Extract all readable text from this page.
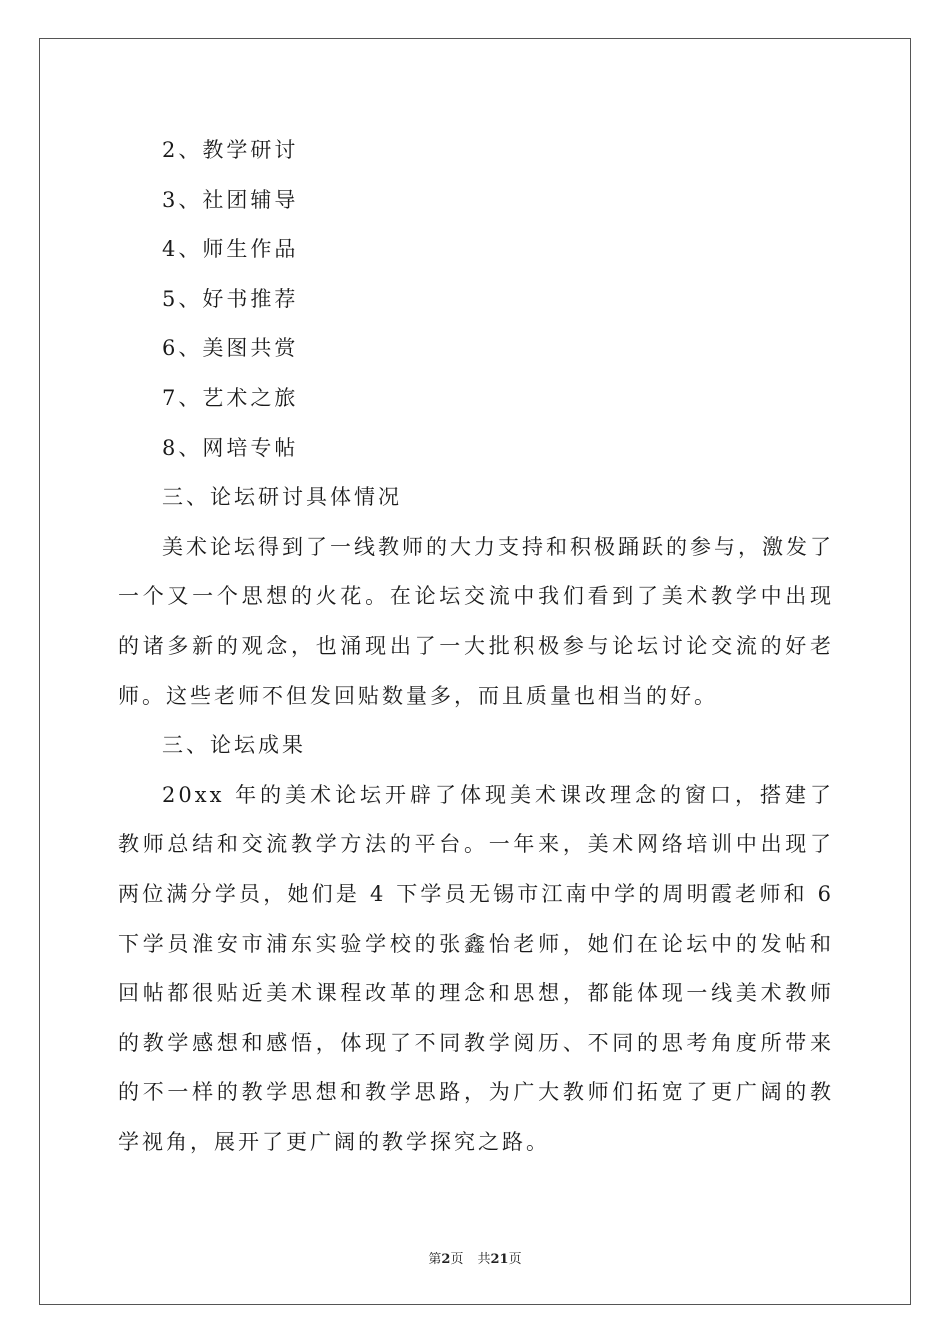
2、教学研讨
3、社团辅导
4、师生作品
5、好书推荐
6、美图共赏
7、艺术之旅
8、网培专帖
三、论坛研讨具体情况

美术论坛得到了一线教师的大力支持和积极踊跃的参与，激发了一个又一个思想的火花。在论坛交流中我们看到了美术教学中出现的诸多新的观念，也涌现出了一大批积极参与论坛讨论交流的好老师。这些老师不但发回贴数量多，而且质量也相当的好。

三、论坛成果

20xx 年的美术论坛开辟了体现美术课改理念的窗口，搭建了教师总结和交流教学方法的平台。一年来，美术网络培训中出现了两位满分学员，她们是 4 下学员无锡市江南中学的周明霞老师和 6 下学员淮安市浦东实验学校的张鑫怡老师，她们在论坛中的发帖和回帖都很贴近美术课程改革的理念和思想，都能体现一线美术教师的教学感想和感悟，体现了不同教学阅历、不同的思考角度所带来的不一样的教学思想和教学思路，为广大教师们拓宽了更广阔的教学视角，展开了更广阔的教学探究之路。

第2页 共21页
